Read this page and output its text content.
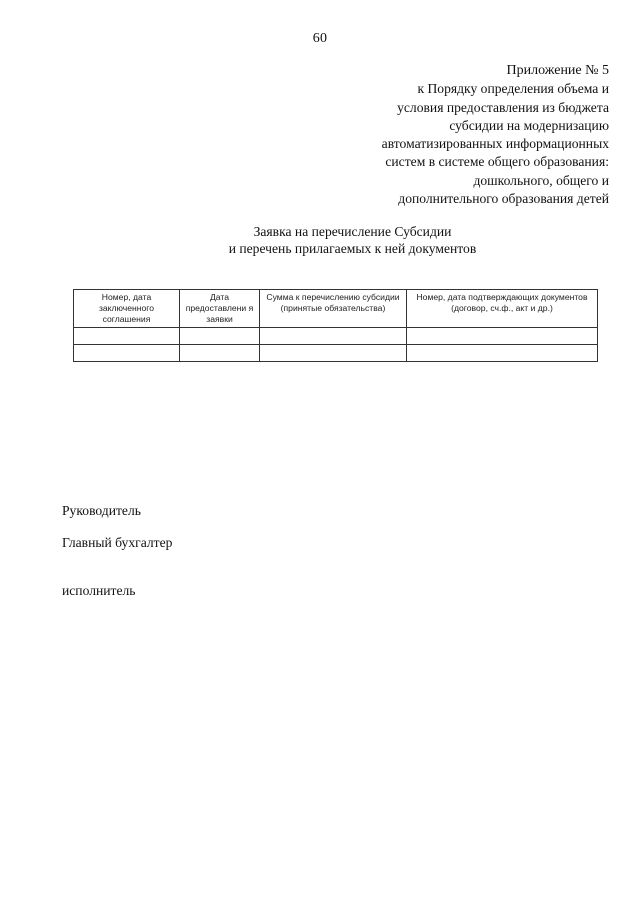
60
Приложение № 5
к Порядку определения объема и
условия предоставления из бюджета
субсидии на модернизацию
автоматизированных информационных
систем в системе общего образования:
дошкольного, общего и
дополнительного образования детей
Заявка на перечисление Субсидии
и перечень прилагаемых к ней документов
Номер, дата заключенного соглашения	Дата предоставлени я заявки	Сумма к перечислению субсидии (принятые обязательства)	Номер, дата подтверждающих документов (договор, сч.ф., акт и др.)

Руководитель
Главный бухгалтер
исполнитель
